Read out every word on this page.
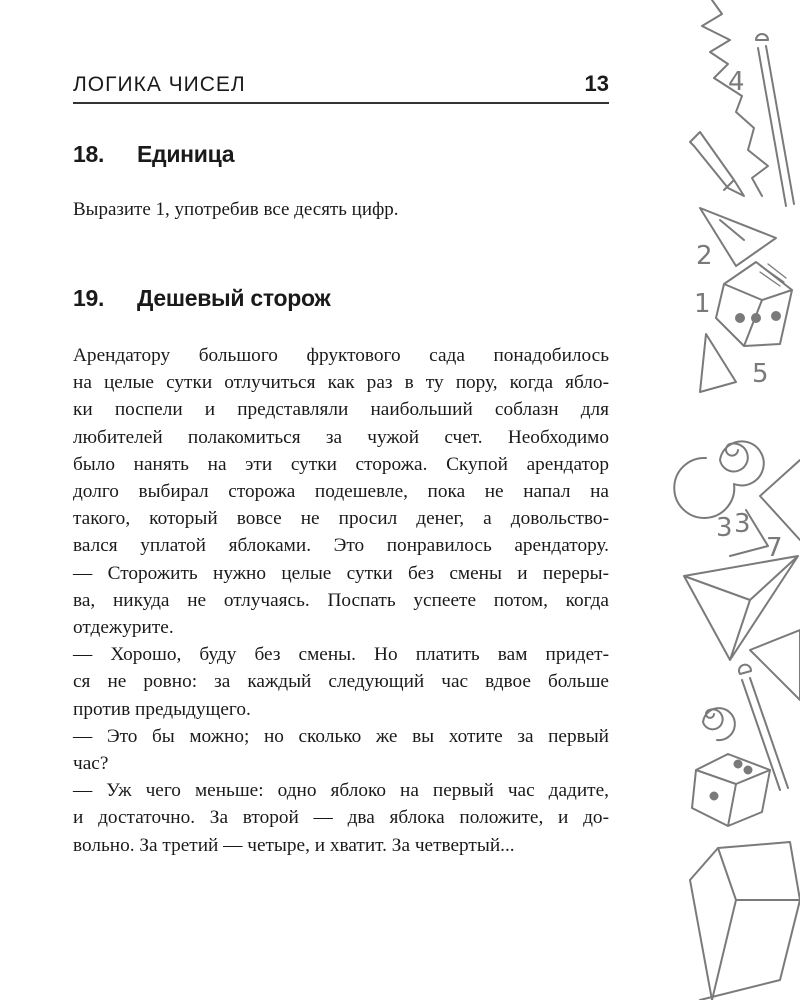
ЛОГИКА ЧИСЕЛ	13
18. Единица
Выразите 1, употребив все десять цифр.
19. Дешевый сторож
Арендатору большого фруктового сада понадобилось
на целые сутки отлучиться как раз в ту пору, когда ябло-
ки поспели и представляли наибольший соблазн для
любителей полакомиться за чужой счет. Необходимо
было нанять на эти сутки сторожа. Скупой арендатор
долго выбирал сторожа подешевле, пока не напал на
такого, который вовсе не просил денег, а довольство-
вался уплатой яблоками. Это понравилось арендатору.
— Сторожить нужно целые сутки без смены и переры-
ва, никуда не отлучаясь. Поспать успеете потом, когда
отдежурите.
— Хорошо, буду без смены. Но платить вам придет-
ся не ровно: за каждый следующий час вдвое больше
против предыдущего.
— Это бы можно; но сколько же вы хотите за первый
час?
— Уж чего меньше: одно яблоко на первый час дадите,
и достаточно. За второй — два яблока положите, и до-
вольно. За третий — четыре, и хватит. За четвертый...
4
2
1
5
3 3
7
